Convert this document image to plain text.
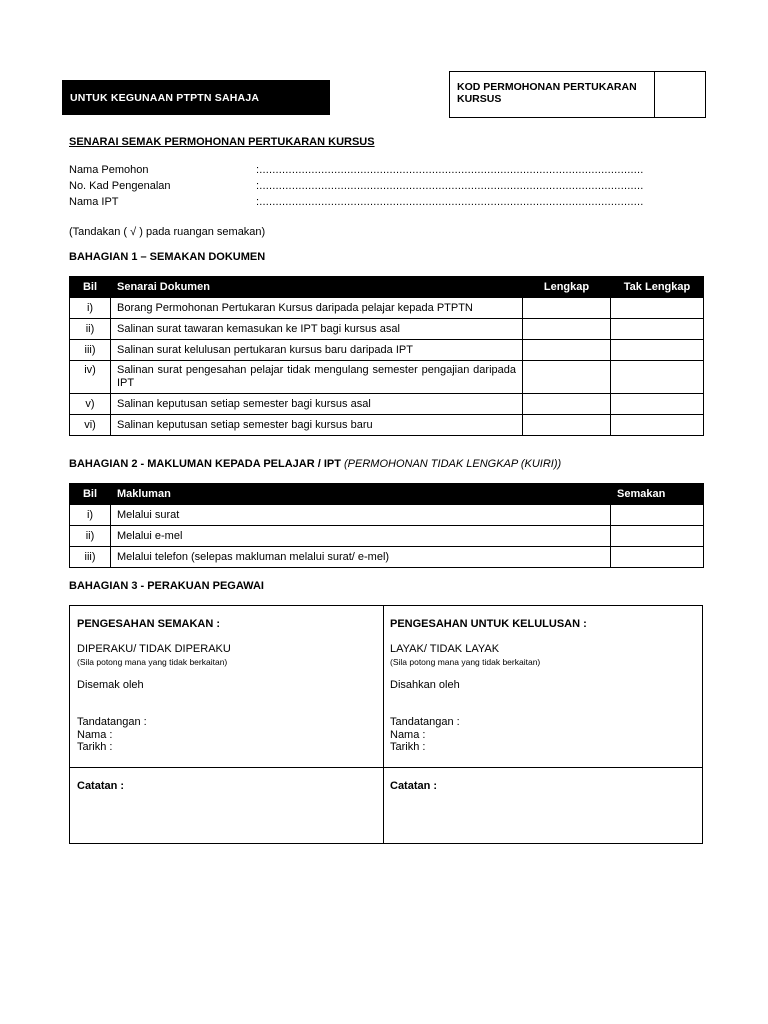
UNTUK KEGUNAAN PTPTN SAHAJA
KOD PERMOHONAN PERTUKARAN
KURSUS
SENARAI SEMAK PERMOHONAN PERTUKARAN KURSUS
Nama Pemohon	:......................................................................................................................
No. Kad Pengenalan	:......................................................................................................................
Nama IPT	:......................................................................................................................
(Tandakan ( √ ) pada ruangan semakan)
BAHAGIAN 1 – SEMAKAN DOKUMEN
Bil	Senarai Dokumen	Lengkap	Tak Lengkap
i)	Borang Permohonan Pertukaran Kursus daripada pelajar kepada PTPTN		
ii)	Salinan surat tawaran kemasukan ke IPT bagi kursus asal		
iii)	Salinan surat kelulusan pertukaran kursus baru daripada IPT		
iv)	Salinan surat pengesahan pelajar tidak mengulang semester pengajian daripada IPT		
v)	Salinan keputusan setiap semester bagi kursus asal		
vi)	Salinan keputusan setiap semester bagi kursus baru		
BAHAGIAN 2 - MAKLUMAN KEPADA PELAJAR / IPT (PERMOHONAN TIDAK LENGKAP (KUIRI))
Bil	Makluman	Semakan
i)	Melalui surat	
ii)	Melalui e-mel	
iii)	Melalui telefon (selepas makluman melalui surat/ e-mel)	
BAHAGIAN 3 - PERAKUAN PEGAWAI
PENGESAHAN SEMAKAN :
DIPERAKU/ TIDAK DIPERAKU
(Sila potong mana yang tidak berkaitan)
Disemak oleh
Tandatangan :
Nama :
Tarikh :
Catatan :
PENGESAHAN UNTUK KELULUSAN :
LAYAK/ TIDAK LAYAK
(Sila potong mana yang tidak berkaitan)
Disahkan oleh
Tandatangan :
Nama :
Tarikh :
Catatan :
